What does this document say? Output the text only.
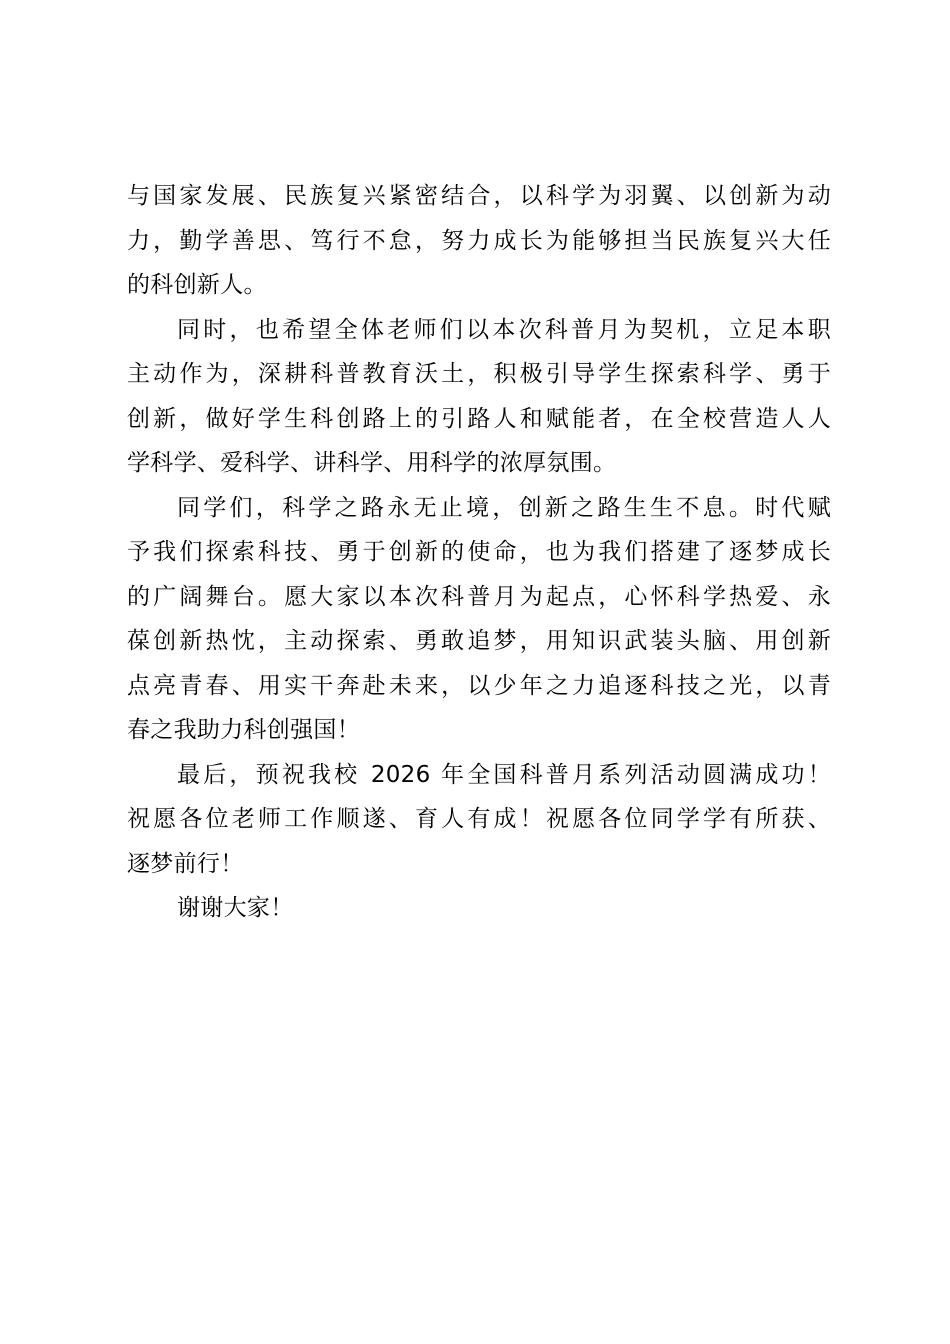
与国家发展、民族复兴紧密结合，以科学为羽翼、以创新为动
力，勤学善思、笃行不怠，努力成长为能够担当民族复兴大任
的科创新人。
同时，也希望全体老师们以本次科普月为契机，立足本职
主动作为，深耕科普教育沃土，积极引导学生探索科学、勇于
创新，做好学生科创路上的引路人和赋能者，在全校营造人人
学科学、爱科学、讲科学、用科学的浓厚氛围。
同学们，科学之路永无止境，创新之路生生不息。时代赋
予我们探索科技、勇于创新的使命，也为我们搭建了逐梦成长
的广阔舞台。愿大家以本次科普月为起点，心怀科学热爱、永
葆创新热忱，主动探索、勇敢追梦，用知识武装头脑、用创新
点亮青春、用实干奔赴未来，以少年之力追逐科技之光，以青
春之我助力科创强国！
最后，预祝我校 2026 年全国科普月系列活动圆满成功！
祝愿各位老师工作顺遂、育人有成！祝愿各位同学学有所获、
逐梦前行！
谢谢大家！
